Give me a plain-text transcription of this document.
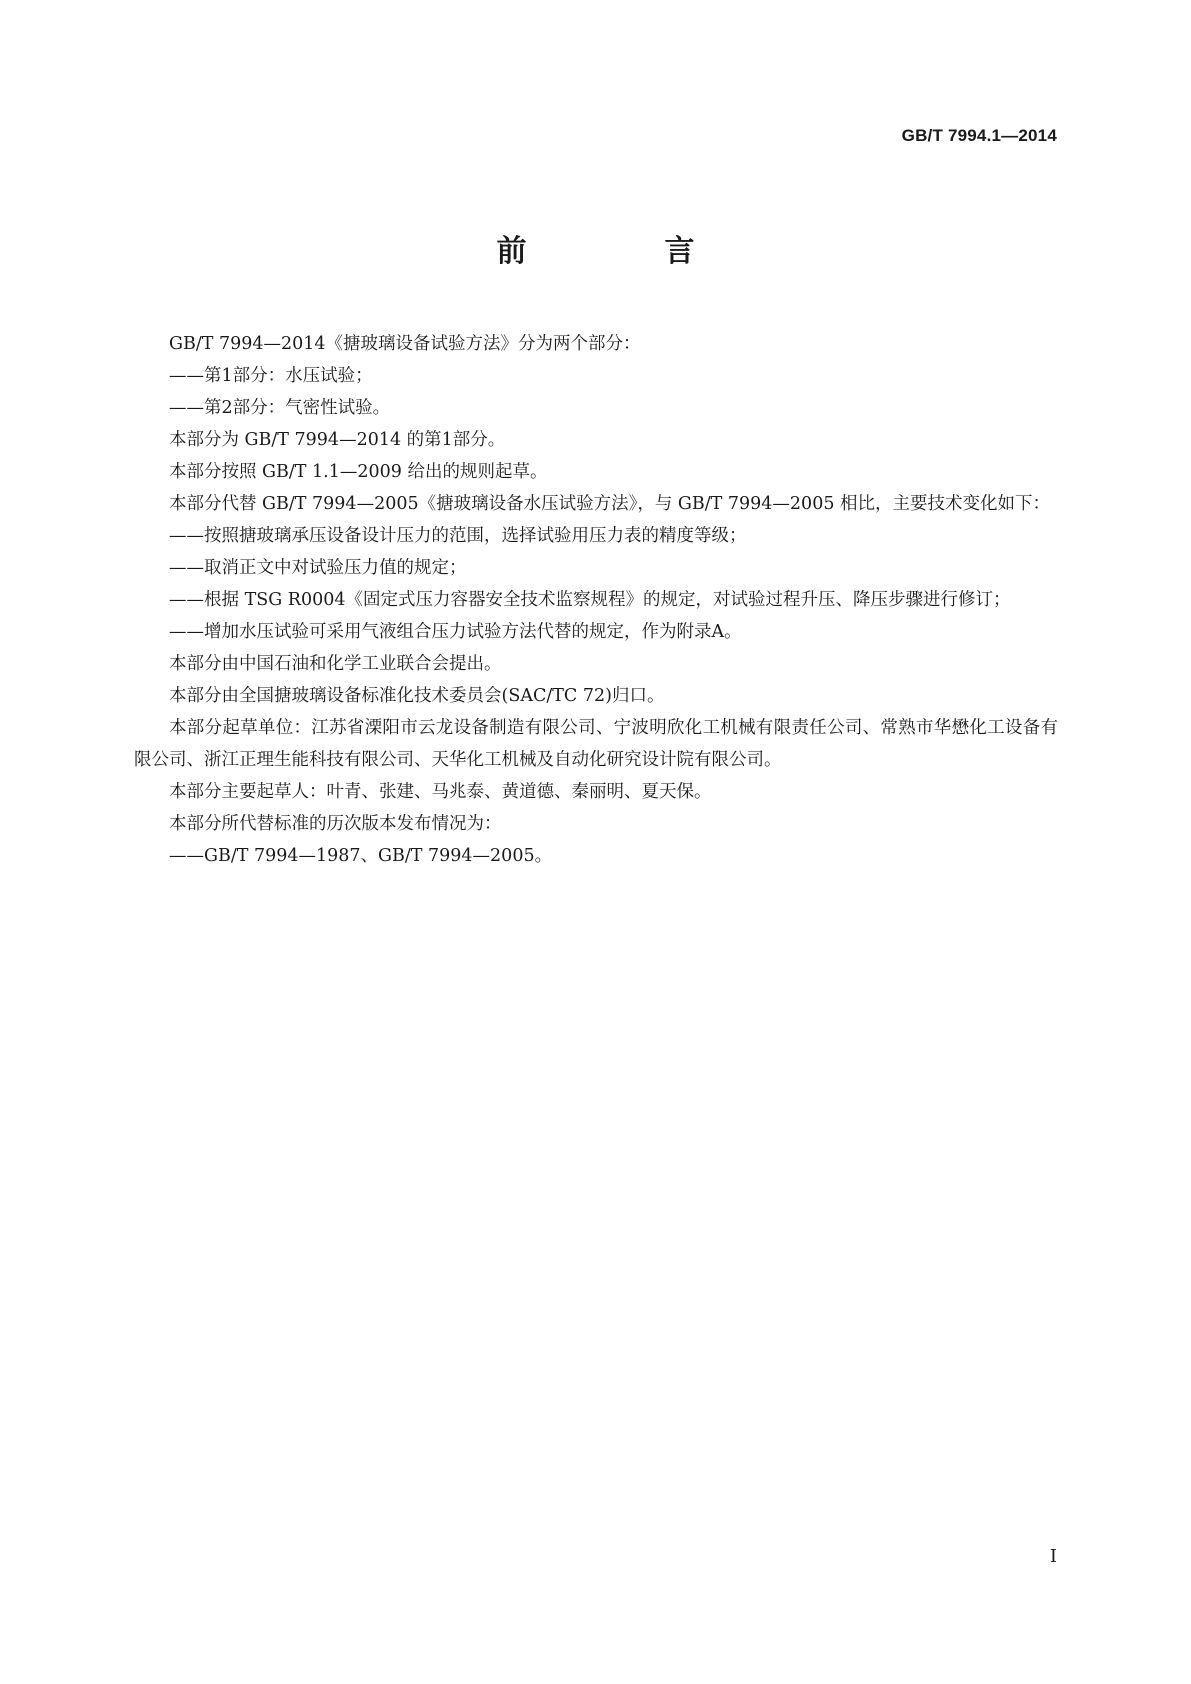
GB/T 7994.1—2014
前　言

GB/T 7994—2014《搪玻璃设备试验方法》分为两个部分：

——第1部分：水压试验；

——第2部分：气密性试验。

本部分为 GB/T 7994—2014 的第1部分。

本部分按照 GB/T 1.1—2009 给出的规则起草。

本部分代替 GB/T 7994—2005《搪玻璃设备水压试验方法》，与 GB/T 7994—2005 相比，主要技术变化如下：

——按照搪玻璃承压设备设计压力的范围，选择试验用压力表的精度等级；

——取消正文中对试验压力值的规定；

——根据 TSG R0004《固定式压力容器安全技术监察规程》的规定，对试验过程升压、降压步骤进行修订；

——增加水压试验可采用气液组合压力试验方法代替的规定，作为附录A。

本部分由中国石油和化学工业联合会提出。

本部分由全国搪玻璃设备标准化技术委员会(SAC/TC 72)归口。

本部分起草单位：江苏省溧阳市云龙设备制造有限公司、宁波明欣化工机械有限责任公司、常熟市华懋化工设备有限公司、浙江正理生能科技有限公司、天华化工机械及自动化研究设计院有限公司。

本部分主要起草人：叶青、张建、马兆泰、黄道德、秦丽明、夏天保。

本部分所代替标准的历次版本发布情况为：

——GB/T 7994—1987、GB/T 7994—2005。

I
